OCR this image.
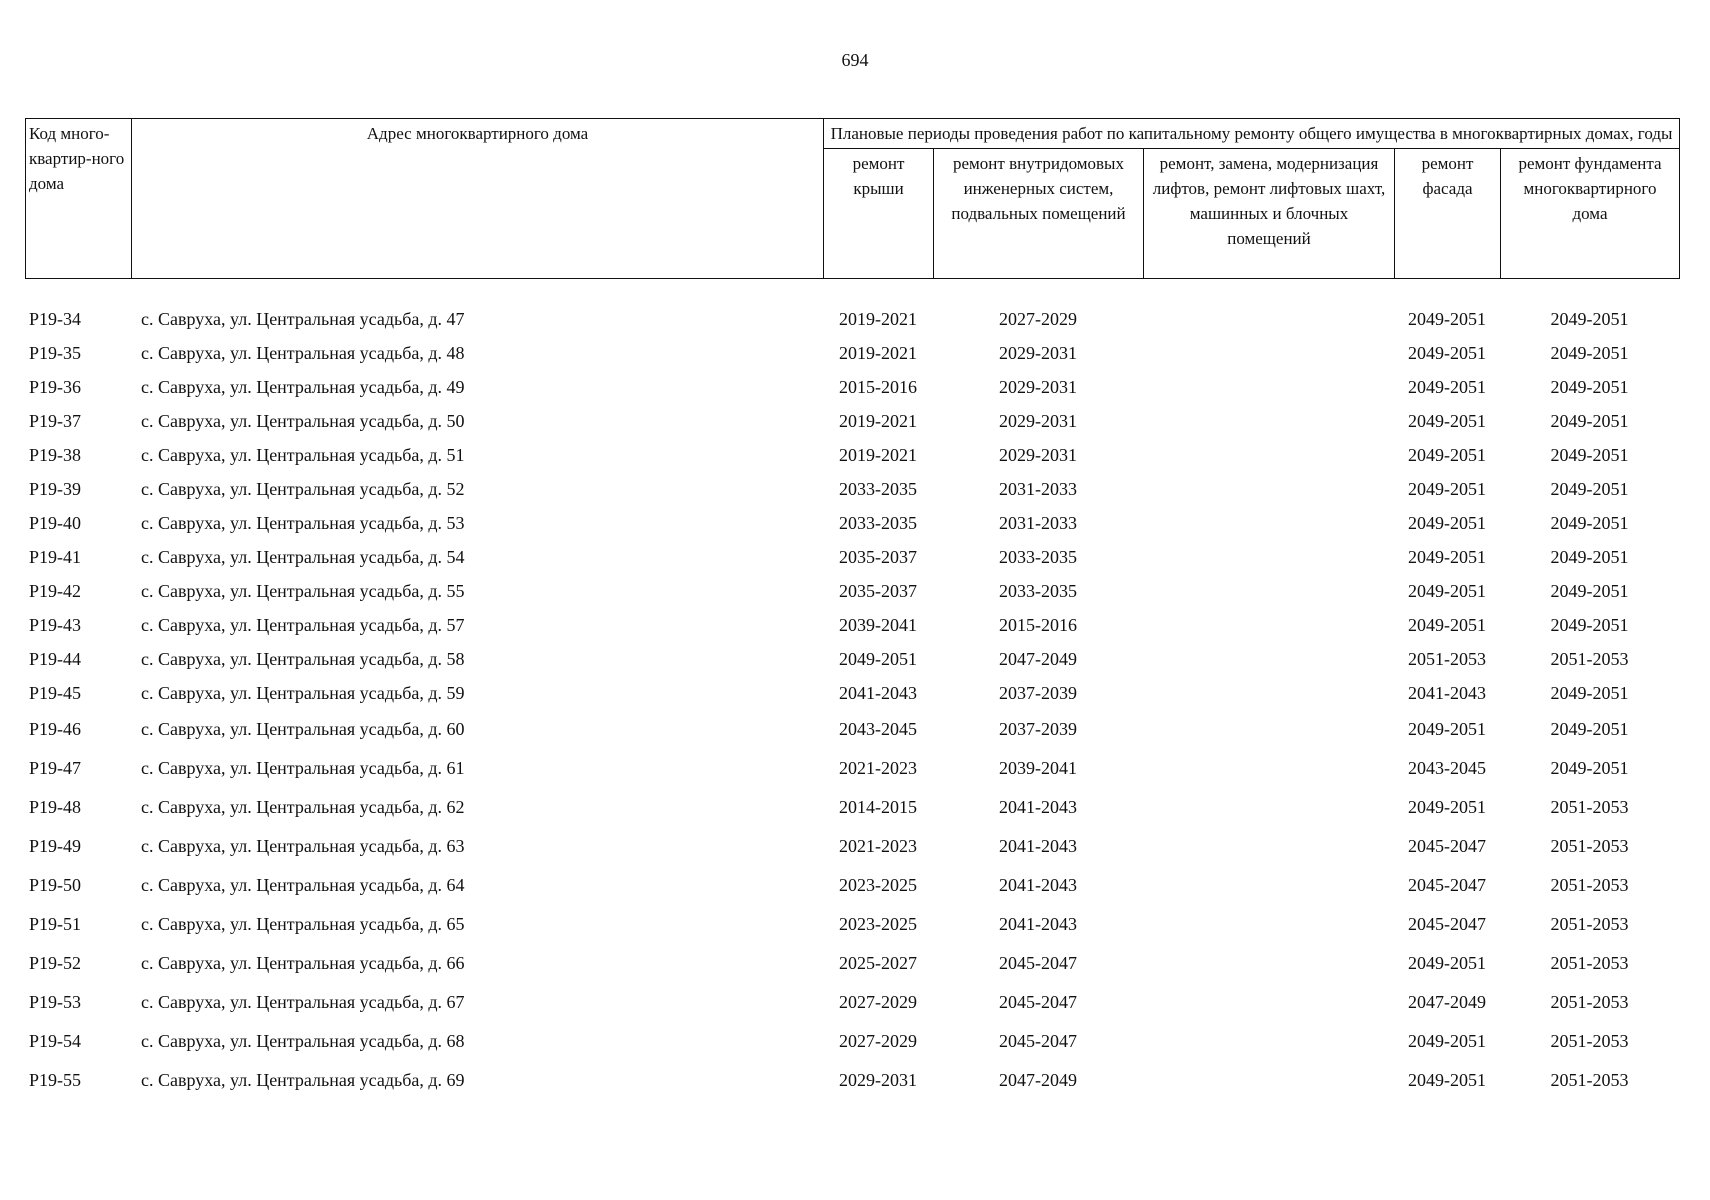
694
Код много-квартир-ного дома	Адрес многоквартирного дома	Плановые периоды проведения работ по капитальному ремонту общего имущества в многоквартирных домах, годы				
		ремонт крыши	ремонт внутридомовых инженерных систем, подвальных помещений	ремонт, замена, модернизация лифтов, ремонт лифтовых шахт, машинных и блочных помещений	ремонт фасада	ремонт фундамента многоквартирного дома
Р19-34	с. Савруха, ул. Центральная усадьба, д. 47	2019-2021	2027-2029		2049-2051	2049-2051
Р19-35	с. Савруха, ул. Центральная усадьба, д. 48	2019-2021	2029-2031		2049-2051	2049-2051
Р19-36	с. Савруха, ул. Центральная усадьба, д. 49	2015-2016	2029-2031		2049-2051	2049-2051
Р19-37	с. Савруха, ул. Центральная усадьба, д. 50	2019-2021	2029-2031		2049-2051	2049-2051
Р19-38	с. Савруха, ул. Центральная усадьба, д. 51	2019-2021	2029-2031		2049-2051	2049-2051
Р19-39	с. Савруха, ул. Центральная усадьба, д. 52	2033-2035	2031-2033		2049-2051	2049-2051
Р19-40	с. Савруха, ул. Центральная усадьба, д. 53	2033-2035	2031-2033		2049-2051	2049-2051
Р19-41	с. Савруха, ул. Центральная усадьба, д. 54	2035-2037	2033-2035		2049-2051	2049-2051
Р19-42	с. Савруха, ул. Центральная усадьба, д. 55	2035-2037	2033-2035		2049-2051	2049-2051
Р19-43	с. Савруха, ул. Центральная усадьба, д. 57	2039-2041	2015-2016		2049-2051	2049-2051
Р19-44	с. Савруха, ул. Центральная усадьба, д. 58	2049-2051	2047-2049		2051-2053	2051-2053
Р19-45	с. Савруха, ул. Центральная усадьба, д. 59	2041-2043	2037-2039		2041-2043	2049-2051
Р19-46	с. Савруха, ул. Центральная усадьба, д. 60	2043-2045	2037-2039		2049-2051	2049-2051
Р19-47	с. Савруха, ул. Центральная усадьба, д. 61	2021-2023	2039-2041		2043-2045	2049-2051
Р19-48	с. Савруха, ул. Центральная усадьба, д. 62	2014-2015	2041-2043		2049-2051	2051-2053
Р19-49	с. Савруха, ул. Центральная усадьба, д. 63	2021-2023	2041-2043		2045-2047	2051-2053
Р19-50	с. Савруха, ул. Центральная усадьба, д. 64	2023-2025	2041-2043		2045-2047	2051-2053
Р19-51	с. Савруха, ул. Центральная усадьба, д. 65	2023-2025	2041-2043		2045-2047	2051-2053
Р19-52	с. Савруха, ул. Центральная усадьба, д. 66	2025-2027	2045-2047		2049-2051	2051-2053
Р19-53	с. Савруха, ул. Центральная усадьба, д. 67	2027-2029	2045-2047		2047-2049	2051-2053
Р19-54	с. Савруха, ул. Центральная усадьба, д. 68	2027-2029	2045-2047		2049-2051	2051-2053
Р19-55	с. Савруха, ул. Центральная усадьба, д. 69	2029-2031	2047-2049		2049-2051	2051-2053
